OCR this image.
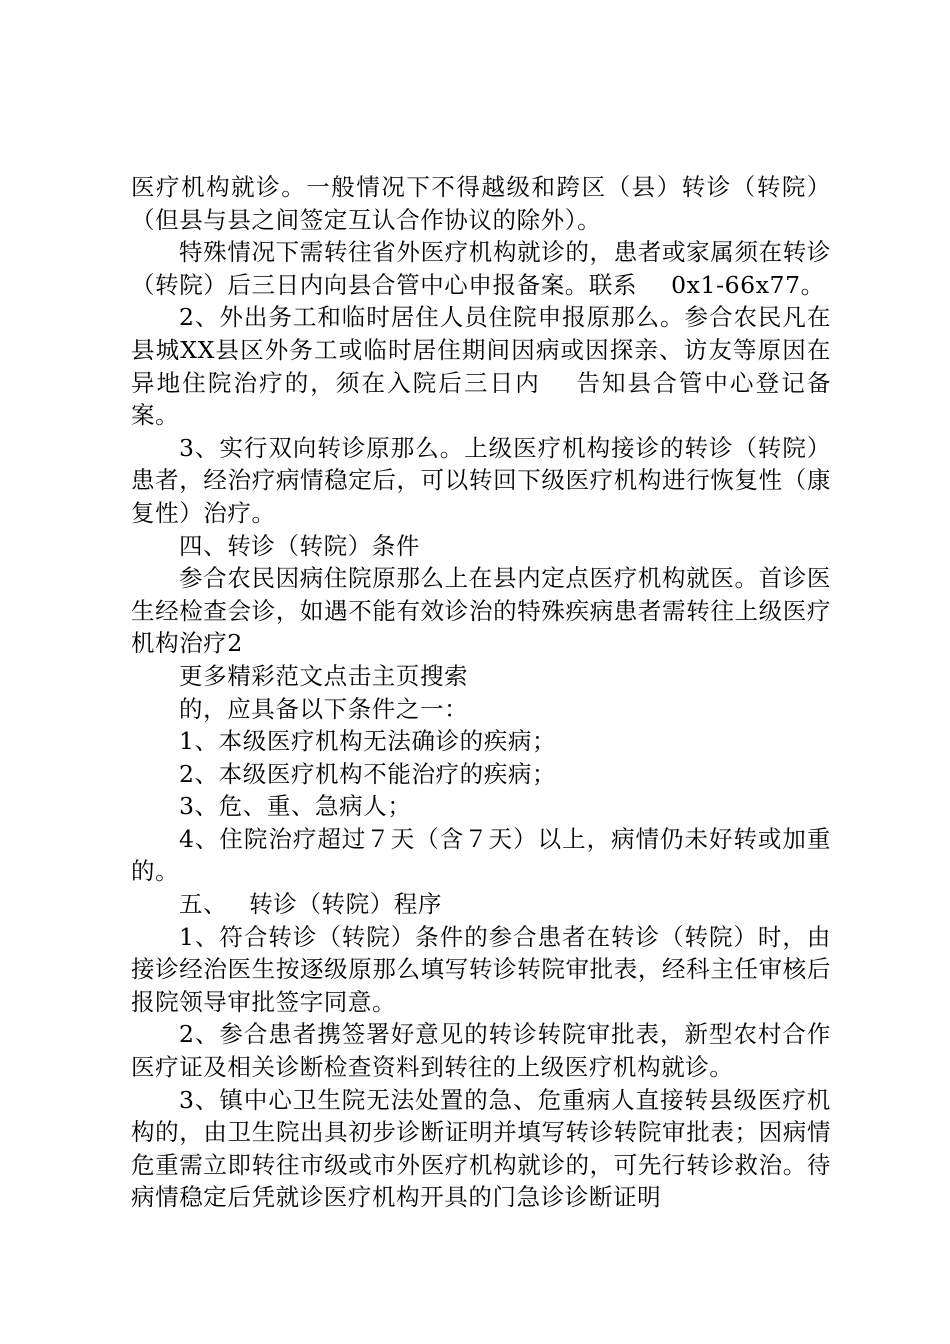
医疗机构就诊。一般情况下不得越级和跨区（县）转诊（转院）（但县与县之间签定互认合作协议的除外）。

特殊情况下需转往省外医疗机构就诊的，患者或家属须在转诊（转院）后三日内向县合管中心申报备案。联系 0x1-66x77。

2、外出务工和临时居住人员住院申报原那么。参合农民凡在县城XX县区外务工或临时居住期间因病或因探亲、访友等原因在异地住院治疗的，须在入院后三日内 告知县合管中心登记备案。

3、实行双向转诊原那么。上级医疗机构接诊的转诊（转院）患者，经治疗病情稳定后，可以转回下级医疗机构进行恢复性（康复性）治疗。

四、转诊（转院）条件

参合农民因病住院原那么上在县内定点医疗机构就医。首诊医生经检查会诊，如遇不能有效诊治的特殊疾病患者需转往上级医疗机构治疗2

更多精彩范文点击主页搜索

的，应具备以下条件之一：

1、本级医疗机构无法确诊的疾病；

2、本级医疗机构不能治疗的疾病；

3、危、重、急病人；

4、住院治疗超过７天（含７天）以上，病情仍未好转或加重的。

五、 转诊（转院）程序

1、符合转诊（转院）条件的参合患者在转诊（转院）时，由接诊经治医生按逐级原那么填写转诊转院审批表，经科主任审核后报院领导审批签字同意。

2、参合患者携签署好意见的转诊转院审批表，新型农村合作医疗证及相关诊断检查资料到转往的上级医疗机构就诊。

3、镇中心卫生院无法处置的急、危重病人直接转县级医疗机构的，由卫生院出具初步诊断证明并填写转诊转院审批表；因病情危重需立即转往市级或市外医疗机构就诊的，可先行转诊救治。待病情稳定后凭就诊医疗机构开具的门急诊诊断证明
